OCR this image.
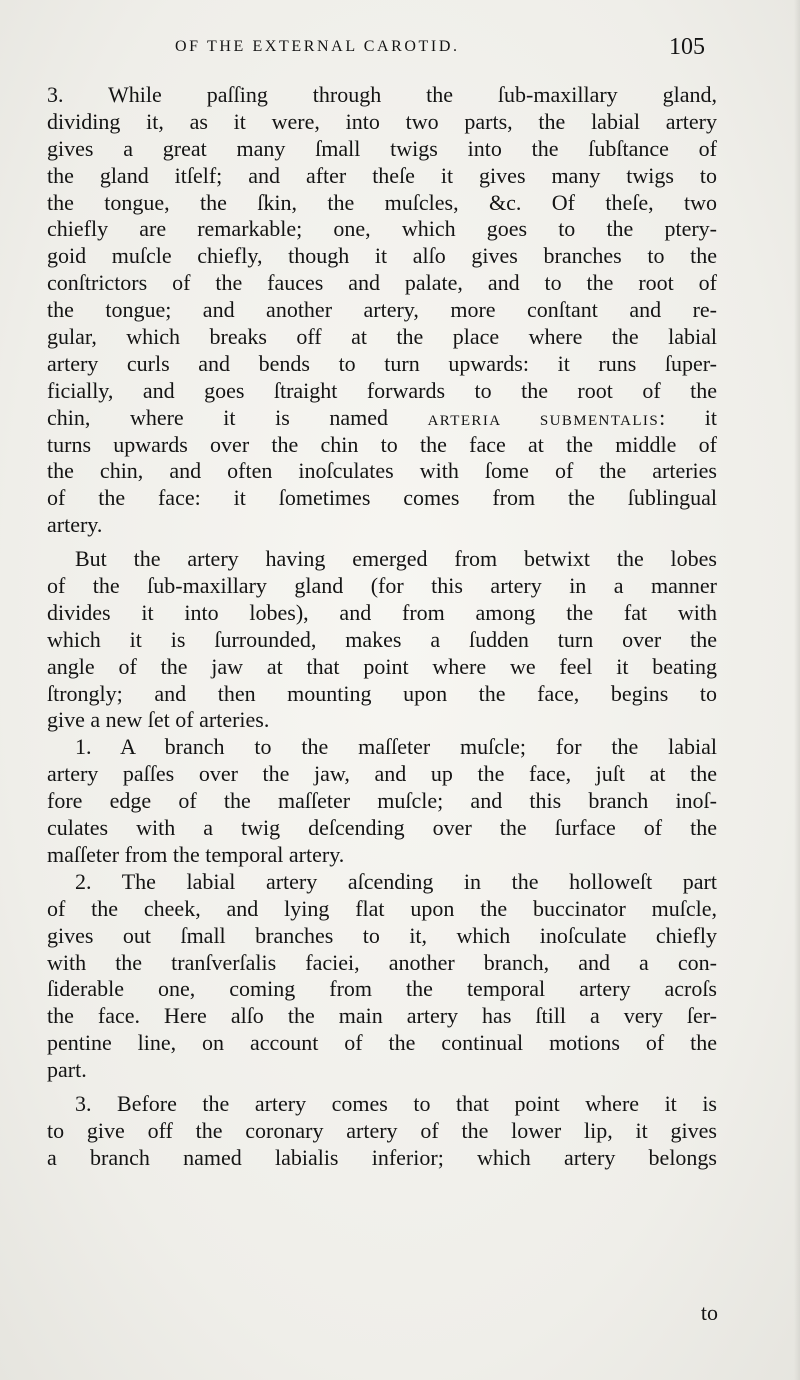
OF THE EXTERNAL CAROTID.	105
3. While paſſing through the ſub-maxillary gland,
dividing it, as it were, into two parts, the labial artery
gives a great many ſmall twigs into the ſubſtance of
the gland itſelf; and after theſe it gives many twigs to
the tongue, the ſkin, the muſcles, &c. Of theſe, two
chiefly are remarkable; one, which goes to the ptery-
goid muſcle chiefly, though it alſo gives branches to the
conſtrictors of the fauces and palate, and to the root of
the tongue; and another artery, more conſtant and re-
gular, which breaks off at the place where the labial
artery curls and bends to turn upwards: it runs ſuper-
ficially, and goes ſtraight forwards to the root of the
chin, where it is named	ARTERIA SUBMENTALIS: it
turns upwards over the chin to the face at the middle of
the chin, and often inoſculates with ſome of the arteries
of the face: it ſometimes comes from the ſublingual
artery.
But the artery having emerged from betwixt the lobes
of the ſub-maxillary gland (for this artery in a manner
divides it into lobes), and from among the fat with
which it is ſurrounded, makes a ſudden turn over the
angle of the jaw at that point where we feel it beating
ſtrongly; and then mounting upon the face, begins to
give a new ſet of arteries.
1. A branch to the maſſeter muſcle; for the labial
artery paſſes over the jaw, and up the face, juſt at the
fore edge of the maſſeter muſcle; and this branch inoſ-
culates with a twig deſcending over the ſurface of the
maſſeter from the temporal artery.
2. The labial artery aſcending in the holloweſt part
of the cheek, and lying flat upon the buccinator muſcle,
gives out ſmall branches to it, which inoſculate chiefly
with the tranſverſalis faciei, another branch, and a con-
ſiderable one, coming from the temporal artery acroſs
the face. Here alſo the main artery has ſtill a very ſer-
pentine line, on account of the continual motions of the
part.
3. Before the artery comes to that point where it is
to give off the coronary artery of the lower lip, it gives
a branch named labialis inferior; which artery belongs
to
